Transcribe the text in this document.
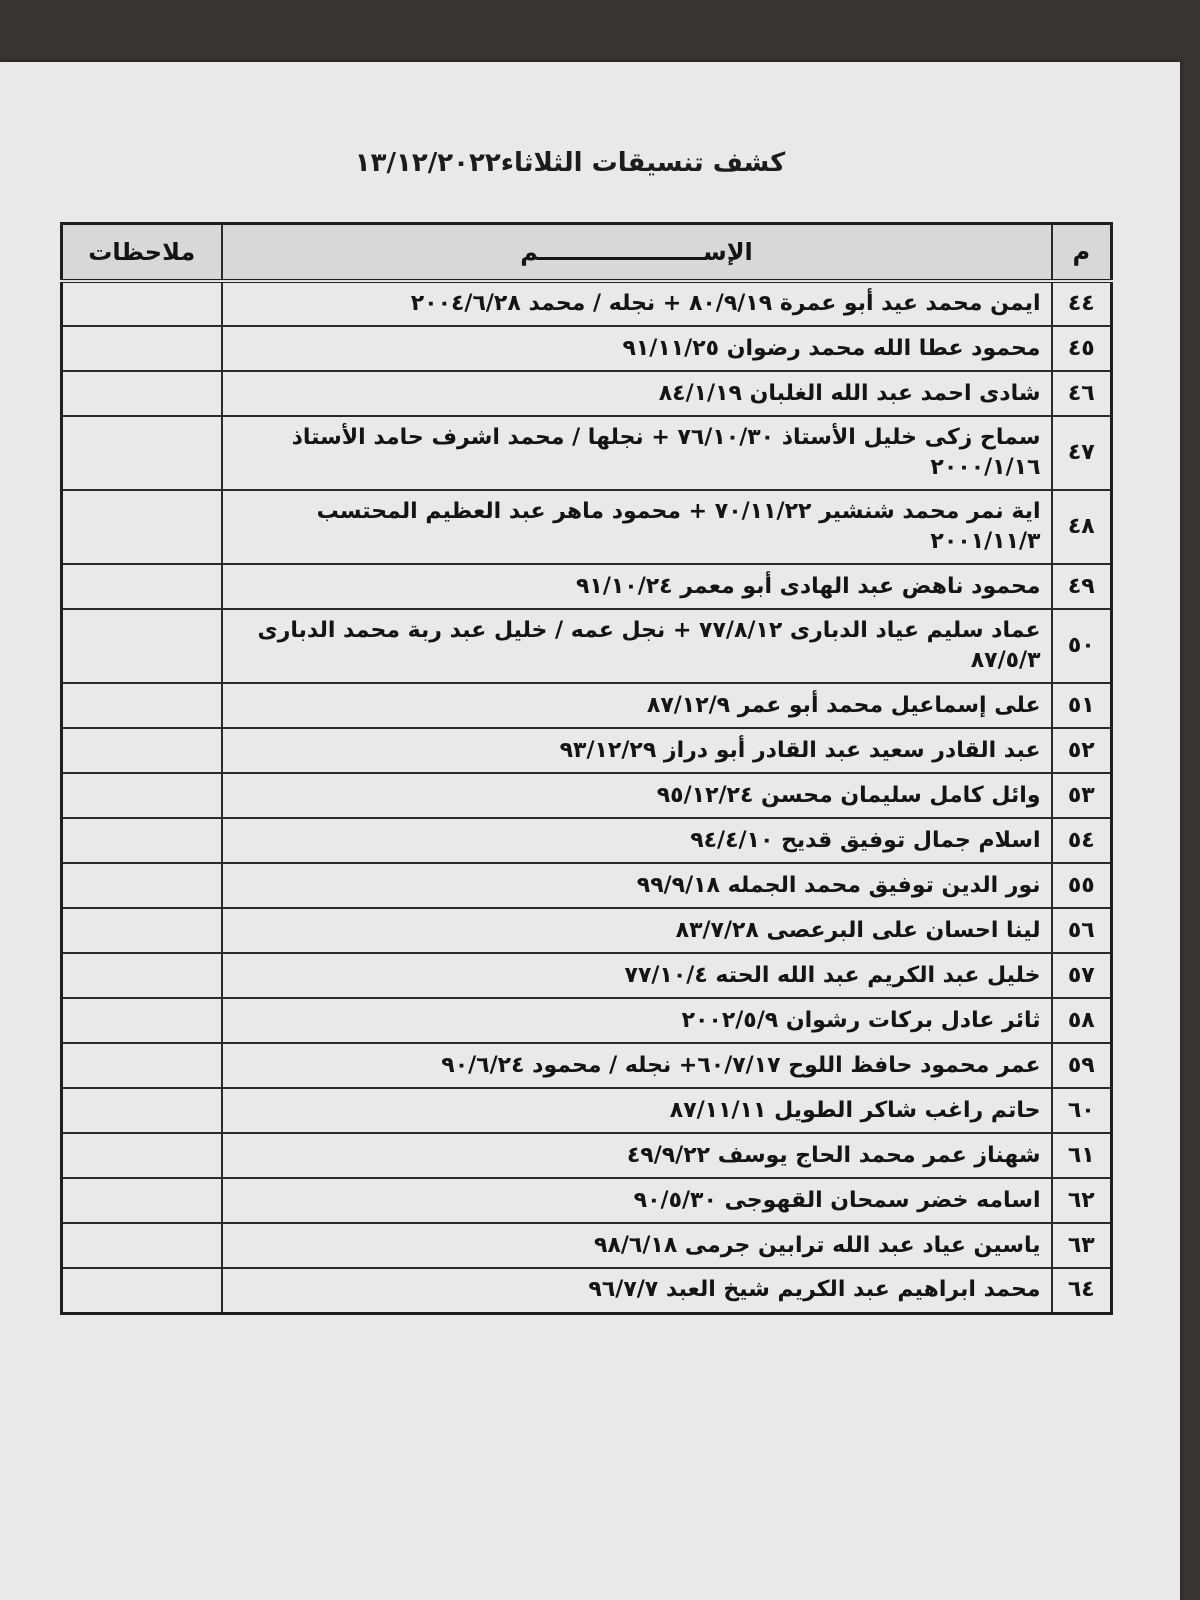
كشف تنسيقات الثلاثاء١٣/١٢/٢٠٢٢
م	الإســــــــــــــــــــم	ملاحظات
٤٤	ايمن محمد عيد أبو عمرة ٨٠/٩/١٩ + نجله / محمد ٢٠٠٤/٦/٢٨	
٤٥	محمود عطا الله محمد رضوان ٩١/١١/٢٥	
٤٦	شادى احمد عبد الله الغلبان ٨٤/١/١٩	
٤٧	سماح زكى خليل الأستاذ ٧٦/١٠/٣٠ + نجلها / محمد اشرف حامد الأستاذ ٢٠٠٠/١/١٦	
٤٨	اية نمر محمد شنشير ٧٠/١١/٢٢ + محمود ماهر عبد العظيم المحتسب ٢٠٠١/١١/٣	
٤٩	محمود ناهض عبد الهادى أبو معمر ٩١/١٠/٢٤	
٥٠	عماد سليم عياد الدبارى ٧٧/٨/١٢ + نجل عمه / خليل عبد ربة محمد الدبارى ٨٧/٥/٣	
٥١	على إسماعيل محمد أبو عمر ٨٧/١٢/٩	
٥٢	عبد القادر سعيد عبد القادر أبو دراز ٩٣/١٢/٢٩	
٥٣	وائل كامل سليمان محسن ٩٥/١٢/٢٤	
٥٤	اسلام جمال توفيق قديح ٩٤/٤/١٠	
٥٥	نور الدين توفيق محمد الجمله ٩٩/٩/١٨	
٥٦	لينا احسان على البرعصى ٨٣/٧/٢٨	
٥٧	خليل عبد الكريم عبد الله الحته ٧٧/١٠/٤	
٥٨	ثائر عادل بركات رشوان ٢٠٠٢/٥/٩	
٥٩	عمر محمود حافظ اللوح ٦٠/٧/١٧+ نجله / محمود ٩٠/٦/٢٤	
٦٠	حاتم راغب شاكر الطويل ٨٧/١١/١١	
٦١	شهناز عمر محمد الحاج يوسف ٤٩/٩/٢٢	
٦٢	اسامه خضر سمحان القهوجى ٩٠/٥/٣٠	
٦٣	ياسين عياد عبد الله ترابين جرمى ٩٨/٦/١٨	
٦٤	محمد ابراهيم عبد الكريم شيخ العبد ٩٦/٧/٧	
